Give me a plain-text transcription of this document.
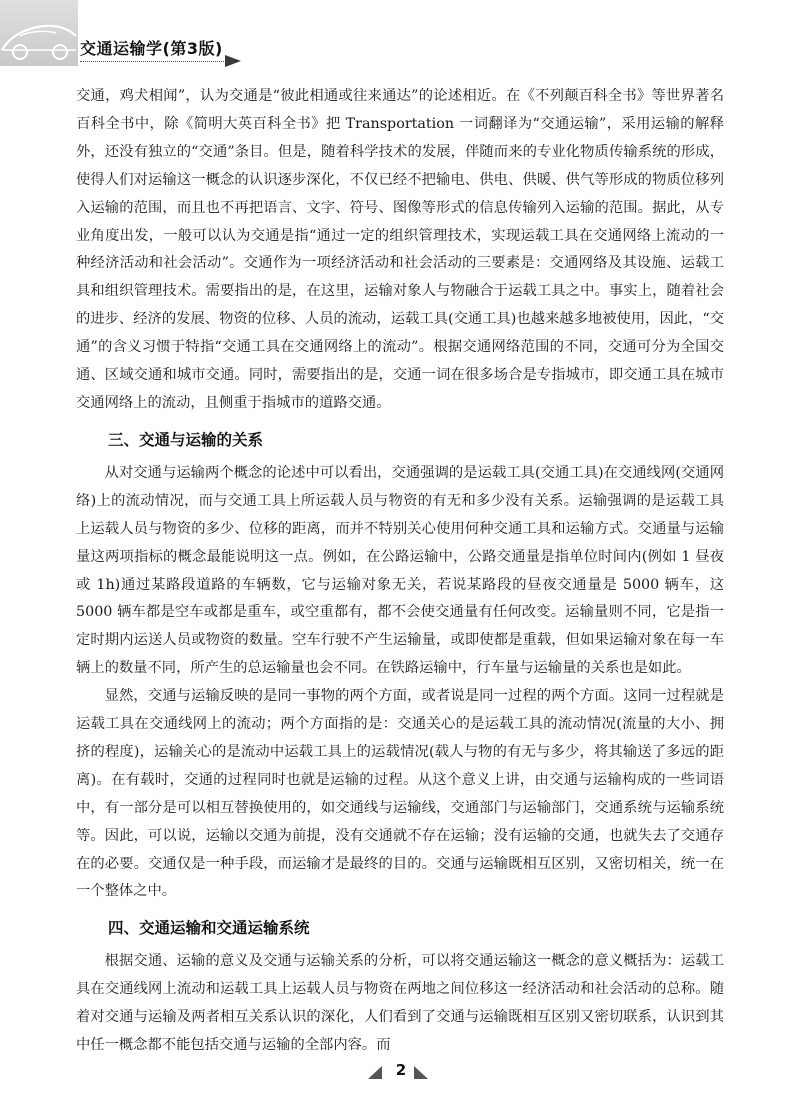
交通运输学(第3版)

交通，鸡犬相闻”，认为交通是“彼此相通或往来通达”的论述相近。在《不列颠百科全书》等世界著名百科全书中，除《简明大英百科全书》把 Transportation 一词翻译为“交通运输”，采用运输的解释外，还没有独立的“交通”条目。但是，随着科学技术的发展，伴随而来的专业化物质传输系统的形成，使得人们对运输这一概念的认识逐步深化，不仅已经不把输电、供电、供暖、供气等形成的物质位移列入运输的范围，而且也不再把语言、文字、符号、图像等形式的信息传输列入运输的范围。据此，从专业角度出发，一般可以认为交通是指“通过一定的组织管理技术，实现运载工具在交通网络上流动的一种经济活动和社会活动”。交通作为一项经济活动和社会活动的三要素是：交通网络及其设施、运载工具和组织管理技术。需要指出的是，在这里，运输对象人与物融合于运载工具之中。事实上，随着社会的进步、经济的发展、物资的位移、人员的流动，运载工具(交通工具)也越来越多地被使用，因此，“交通”的含义习惯于特指“交通工具在交通网络上的流动”。根据交通网络范围的不同，交通可分为全国交通、区域交通和城市交通。同时，需要指出的是，交通一词在很多场合是专指城市，即交通工具在城市交通网络上的流动，且侧重于指城市的道路交通。

三、交通与运输的关系

从对交通与运输两个概念的论述中可以看出，交通强调的是运载工具(交通工具)在交通线网(交通网络)上的流动情况，而与交通工具上所运载人员与物资的有无和多少没有关系。运输强调的是运载工具上运载人员与物资的多少、位移的距离，而并不特别关心使用何种交通工具和运输方式。交通量与运输量这两项指标的概念最能说明这一点。例如，在公路运输中，公路交通量是指单位时间内(例如 1 昼夜或 1h)通过某路段道路的车辆数，它与运输对象无关，若说某路段的昼夜交通量是 5000 辆车，这 5000 辆车都是空车或都是重车，或空重都有，都不会使交通量有任何改变。运输量则不同，它是指一定时期内运送人员或物资的数量。空车行驶不产生运输量，或即使都是重载，但如果运输对象在每一车辆上的数量不同，所产生的总运输量也会不同。在铁路运输中，行车量与运输量的关系也是如此。

显然，交通与运输反映的是同一事物的两个方面，或者说是同一过程的两个方面。这同一过程就是运载工具在交通线网上的流动；两个方面指的是：交通关心的是运载工具的流动情况(流量的大小、拥挤的程度)，运输关心的是流动中运载工具上的运载情况(载人与物的有无与多少，将其输送了多远的距离)。在有载时，交通的过程同时也就是运输的过程。从这个意义上讲，由交通与运输构成的一些词语中，有一部分是可以相互替换使用的，如交通线与运输线，交通部门与运输部门，交通系统与运输系统等。因此，可以说，运输以交通为前提，没有交通就不存在运输；没有运输的交通，也就失去了交通存在的必要。交通仅是一种手段，而运输才是最终的目的。交通与运输既相互区别，又密切相关，统一在一个整体之中。

四、交通运输和交通运输系统

根据交通、运输的意义及交通与运输关系的分析，可以将交通运输这一概念的意义概括为：运载工具在交通线网上流动和运载工具上运载人员与物资在两地之间位移这一经济活动和社会活动的总称。随着对交通与运输及两者相互关系认识的深化，人们看到了交通与运输既相互区别又密切联系，认识到其中任一概念都不能包括交通与运输的全部内容。而

2
